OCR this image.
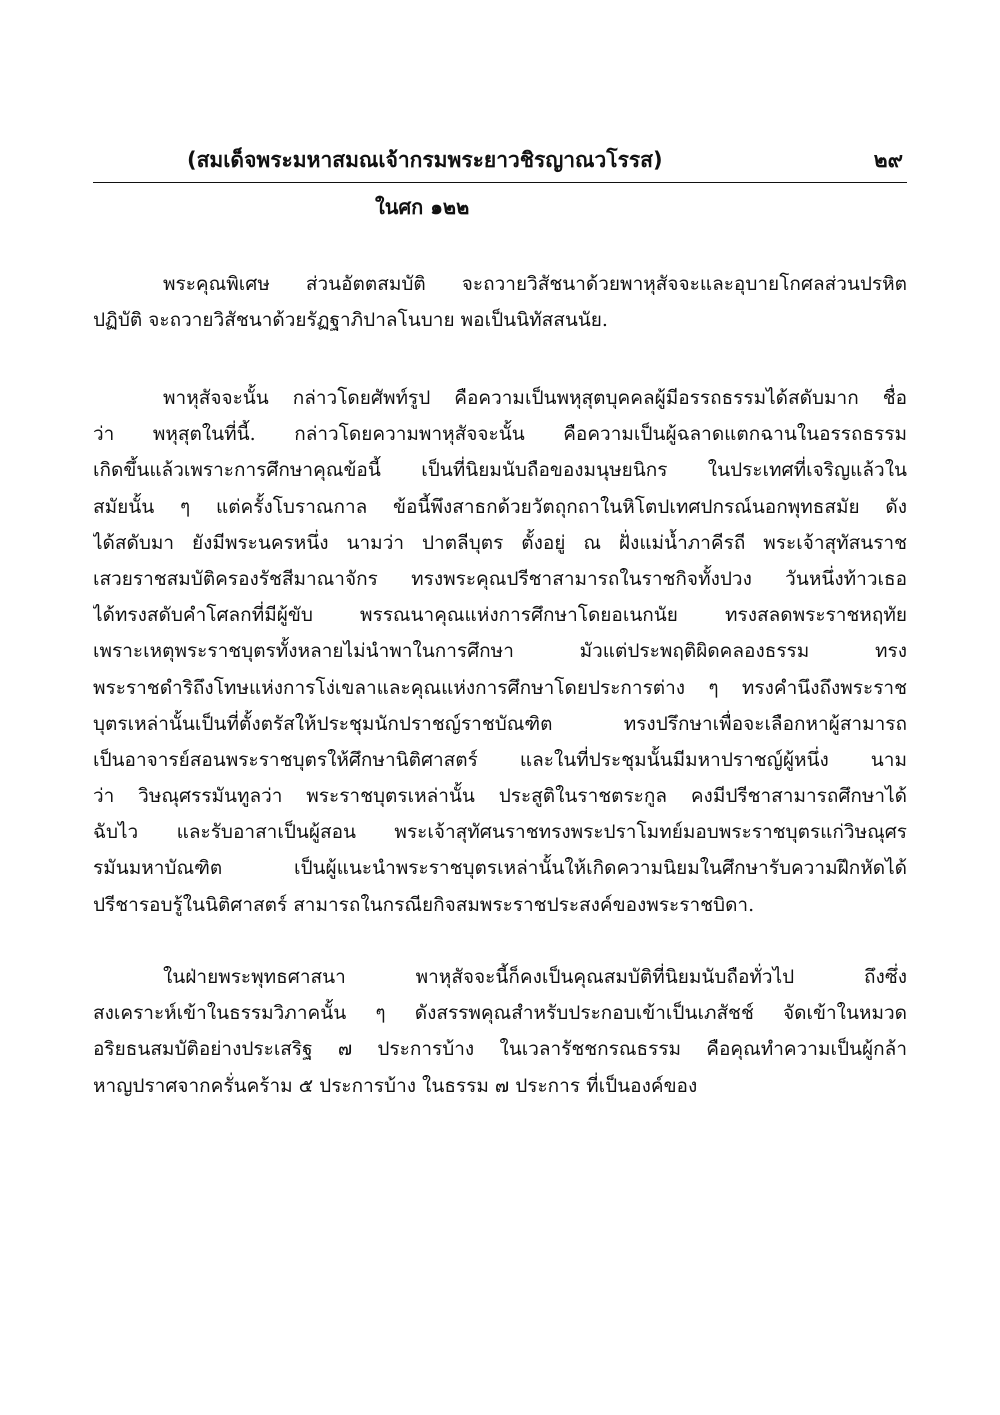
(สมเด็จพระมหาสมณเจ้ากรมพระยาวชิรญาณวโรรส)	๒๙
ในศก ๑๒๒
พระคุณพิเศษ ส่วนอัตตสมบัติ จะถวายวิสัชนาด้วยพาหุสัจจะและอุบายโกศลส่วนปรหิต
ปฏิบัติ จะถวายวิสัชนาด้วยรัฏฐาภิปาลโนบาย พอเป็นนิทัสสนนัย.
พาหุสัจจะนั้น กล่าวโดยศัพท์รูป คือความเป็นพหุสุตบุคคลผู้มีอรรถธรรมได้สดับมาก ชื่อ
ว่า พหุสุตในที่นี้. กล่าวโดยความพาหุสัจจะนั้น คือความเป็นผู้ฉลาดแตกฉานในอรรถธรรม
เกิดขึ้นแล้วเพราะการศึกษาคุณข้อนี้ เป็นที่นิยมนับถือของมนุษยนิกร ในประเทศที่เจริญแล้วใน
สมัยนั้น ๆ แต่ครั้งโบราณกาล ข้อนี้พึงสาธกด้วยวัตถุกถาในหิโตปเทศปกรณ์นอกพุทธสมัย ดัง
ได้สดับมา ยังมีพระนครหนึ่ง นามว่า ปาตลีบุตร ตั้งอยู่ ณ ฝั่งแม่น้ำภาคีรถี พระเจ้าสุทัสนราช
เสวยราชสมบัติครองรัชสีมาณาจักร ทรงพระคุณปรีชาสามารถในราชกิจทั้งปวง วันหนึ่งท้าวเธอ
ได้ทรงสดับคำโศลกที่มีผู้ขับ พรรณนาคุณแห่งการศึกษาโดยอเนกนัย ทรงสลดพระราชหฤทัย
เพราะเหตุพระราชบุตรทั้งหลายไม่นำพาในการศึกษา มัวแต่ประพฤติผิดคลองธรรม ทรง
พระราชดำริถึงโทษแห่งการโง่เขลาและคุณแห่งการศึกษาโดยประการต่าง ๆ ทรงคำนึงถึงพระราช
บุตรเหล่านั้นเป็นที่ตั้งตรัสให้ประชุมนักปราชญ์ราชบัณฑิต ทรงปรึกษาเพื่อจะเลือกหาผู้สามารถ
เป็นอาจารย์สอนพระราชบุตรให้ศึกษานิติศาสตร์ และในที่ประชุมนั้นมีมหาปราชญ์ผู้หนึ่ง นาม
ว่า วิษณุศรรมันทูลว่า พระราชบุตรเหล่านั้น ประสูติในราชตระกูล คงมีปรีชาสามารถศึกษาได้
ฉับไว และรับอาสาเป็นผู้สอน พระเจ้าสุทัศนราชทรงพระปราโมทย์มอบพระราชบุตรแก่วิษณุศร
รมันมหาบัณฑิต เป็นผู้แนะนำพระราชบุตรเหล่านั้นให้เกิดความนิยมในศึกษารับความฝึกหัดได้
ปรีชารอบรู้ในนิติศาสตร์ สามารถในกรณียกิจสมพระราชประสงค์ของพระราชบิดา.
ในฝ่ายพระพุทธศาสนา พาหุสัจจะนี้ก็คงเป็นคุณสมบัติที่นิยมนับถือทั่วไป ถึงซึ่ง
สงเคราะห์เข้าในธรรมวิภาคนั้น ๆ ดังสรรพคุณสำหรับประกอบเข้าเป็นเภสัชช์ จัดเข้าในหมวด
อริยธนสมบัติอย่างประเสริฐ ๗ ประการบ้าง ในเวลารัชชกรณธรรม คือคุณทำความเป็นผู้กล้า
หาญปราศจากครั่นคร้าม ๕ ประการบ้าง ในธรรม ๗ ประการ ที่เป็นองค์ของ
